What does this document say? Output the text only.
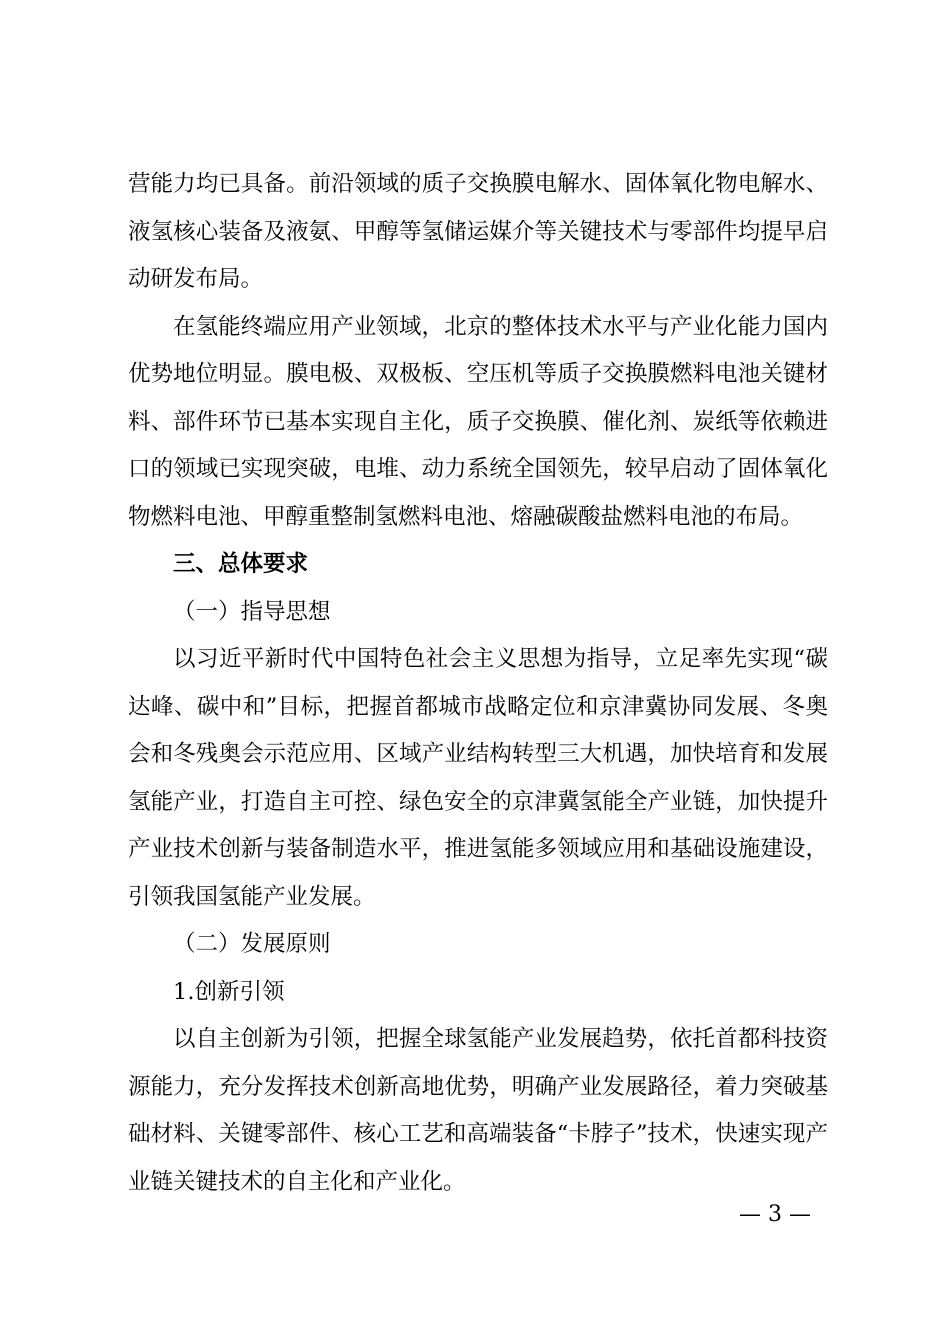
营能力均已具备。前沿领域的质子交换膜电解水、固体氧化物电解水、液氢核心装备及液氨、甲醇等氢储运媒介等关键技术与零部件均提早启动研发布局。

在氢能终端应用产业领域，北京的整体技术水平与产业化能力国内优势地位明显。膜电极、双极板、空压机等质子交换膜燃料电池关键材料、部件环节已基本实现自主化，质子交换膜、催化剂、炭纸等依赖进口的领域已实现突破，电堆、动力系统全国领先，较早启动了固体氧化物燃料电池、甲醇重整制氢燃料电池、熔融碳酸盐燃料电池的布局。

三、总体要求

（一）指导思想

以习近平新时代中国特色社会主义思想为指导，立足率先实现“碳达峰、碳中和”目标，把握首都城市战略定位和京津冀协同发展、冬奥会和冬残奥会示范应用、区域产业结构转型三大机遇，加快培育和发展氢能产业，打造自主可控、绿色安全的京津冀氢能全产业链，加快提升产业技术创新与装备制造水平，推进氢能多领域应用和基础设施建设，引领我国氢能产业发展。

（二）发展原则

1.创新引领

以自主创新为引领，把握全球氢能产业发展趋势，依托首都科技资源能力，充分发挥技术创新高地优势，明确产业发展路径，着力突破基础材料、关键零部件、核心工艺和高端装备“卡脖子”技术，快速实现产业链关键技术的自主化和产业化。

— 3 —
